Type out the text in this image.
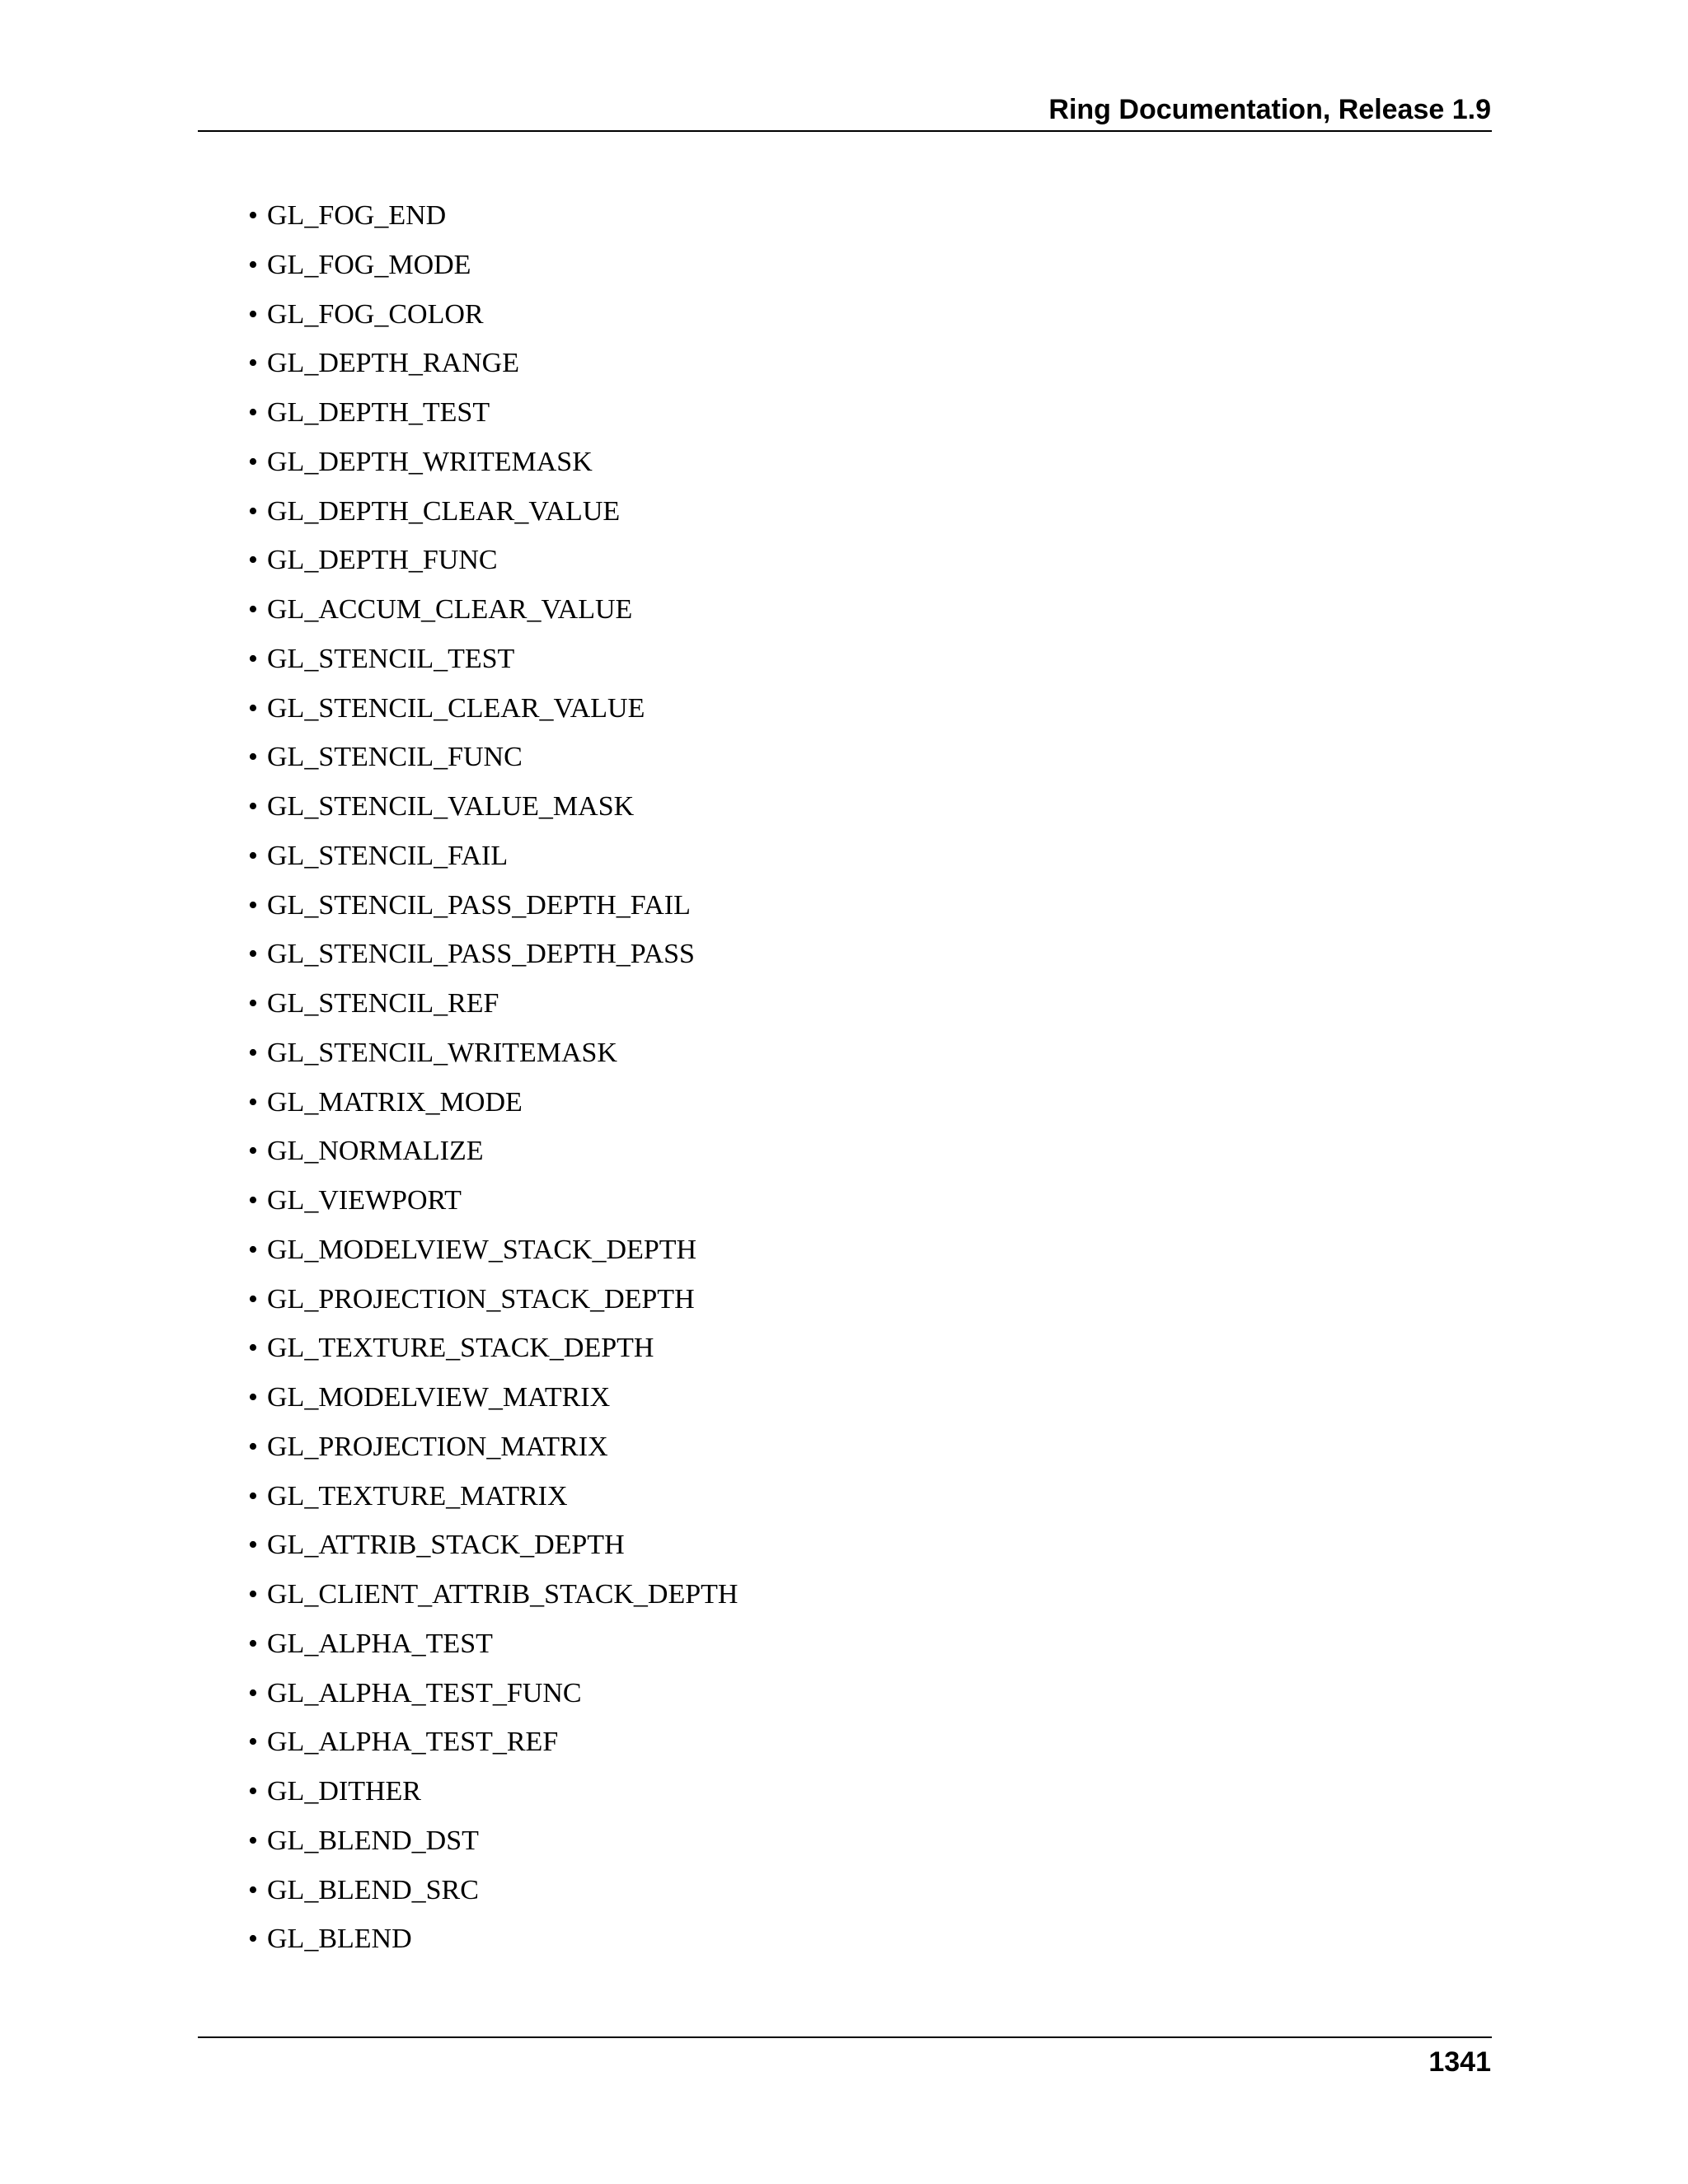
Ring Documentation, Release 1.9
• GL_FOG_END
• GL_FOG_MODE
• GL_FOG_COLOR
• GL_DEPTH_RANGE
• GL_DEPTH_TEST
• GL_DEPTH_WRITEMASK
• GL_DEPTH_CLEAR_VALUE
• GL_DEPTH_FUNC
• GL_ACCUM_CLEAR_VALUE
• GL_STENCIL_TEST
• GL_STENCIL_CLEAR_VALUE
• GL_STENCIL_FUNC
• GL_STENCIL_VALUE_MASK
• GL_STENCIL_FAIL
• GL_STENCIL_PASS_DEPTH_FAIL
• GL_STENCIL_PASS_DEPTH_PASS
• GL_STENCIL_REF
• GL_STENCIL_WRITEMASK
• GL_MATRIX_MODE
• GL_NORMALIZE
• GL_VIEWPORT
• GL_MODELVIEW_STACK_DEPTH
• GL_PROJECTION_STACK_DEPTH
• GL_TEXTURE_STACK_DEPTH
• GL_MODELVIEW_MATRIX
• GL_PROJECTION_MATRIX
• GL_TEXTURE_MATRIX
• GL_ATTRIB_STACK_DEPTH
• GL_CLIENT_ATTRIB_STACK_DEPTH
• GL_ALPHA_TEST
• GL_ALPHA_TEST_FUNC
• GL_ALPHA_TEST_REF
• GL_DITHER
• GL_BLEND_DST
• GL_BLEND_SRC
• GL_BLEND
1341
